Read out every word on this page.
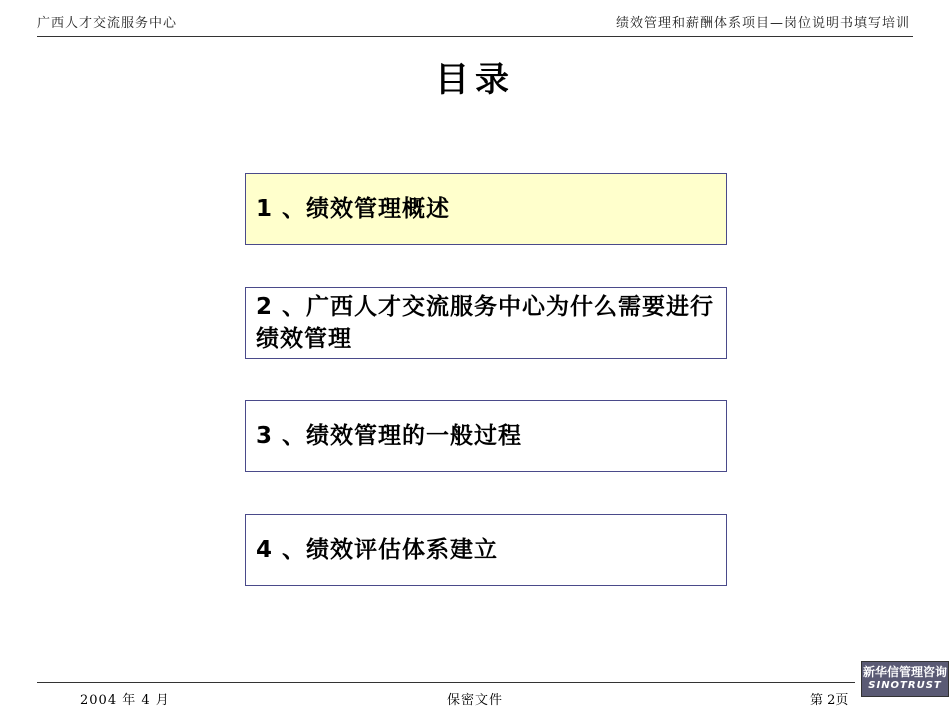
广西人才交流服务中心	绩效管理和薪酬体系项目—岗位说明书填写培训
目录
1 、绩效管理概述
2 、广西人才交流服务中心为什么需要进行绩效管理
3 、绩效管理的一般过程
4 、绩效评估体系建立
2004 年 4 月	保密文件	第 2页
新华信管理咨询
SINOTRUST
